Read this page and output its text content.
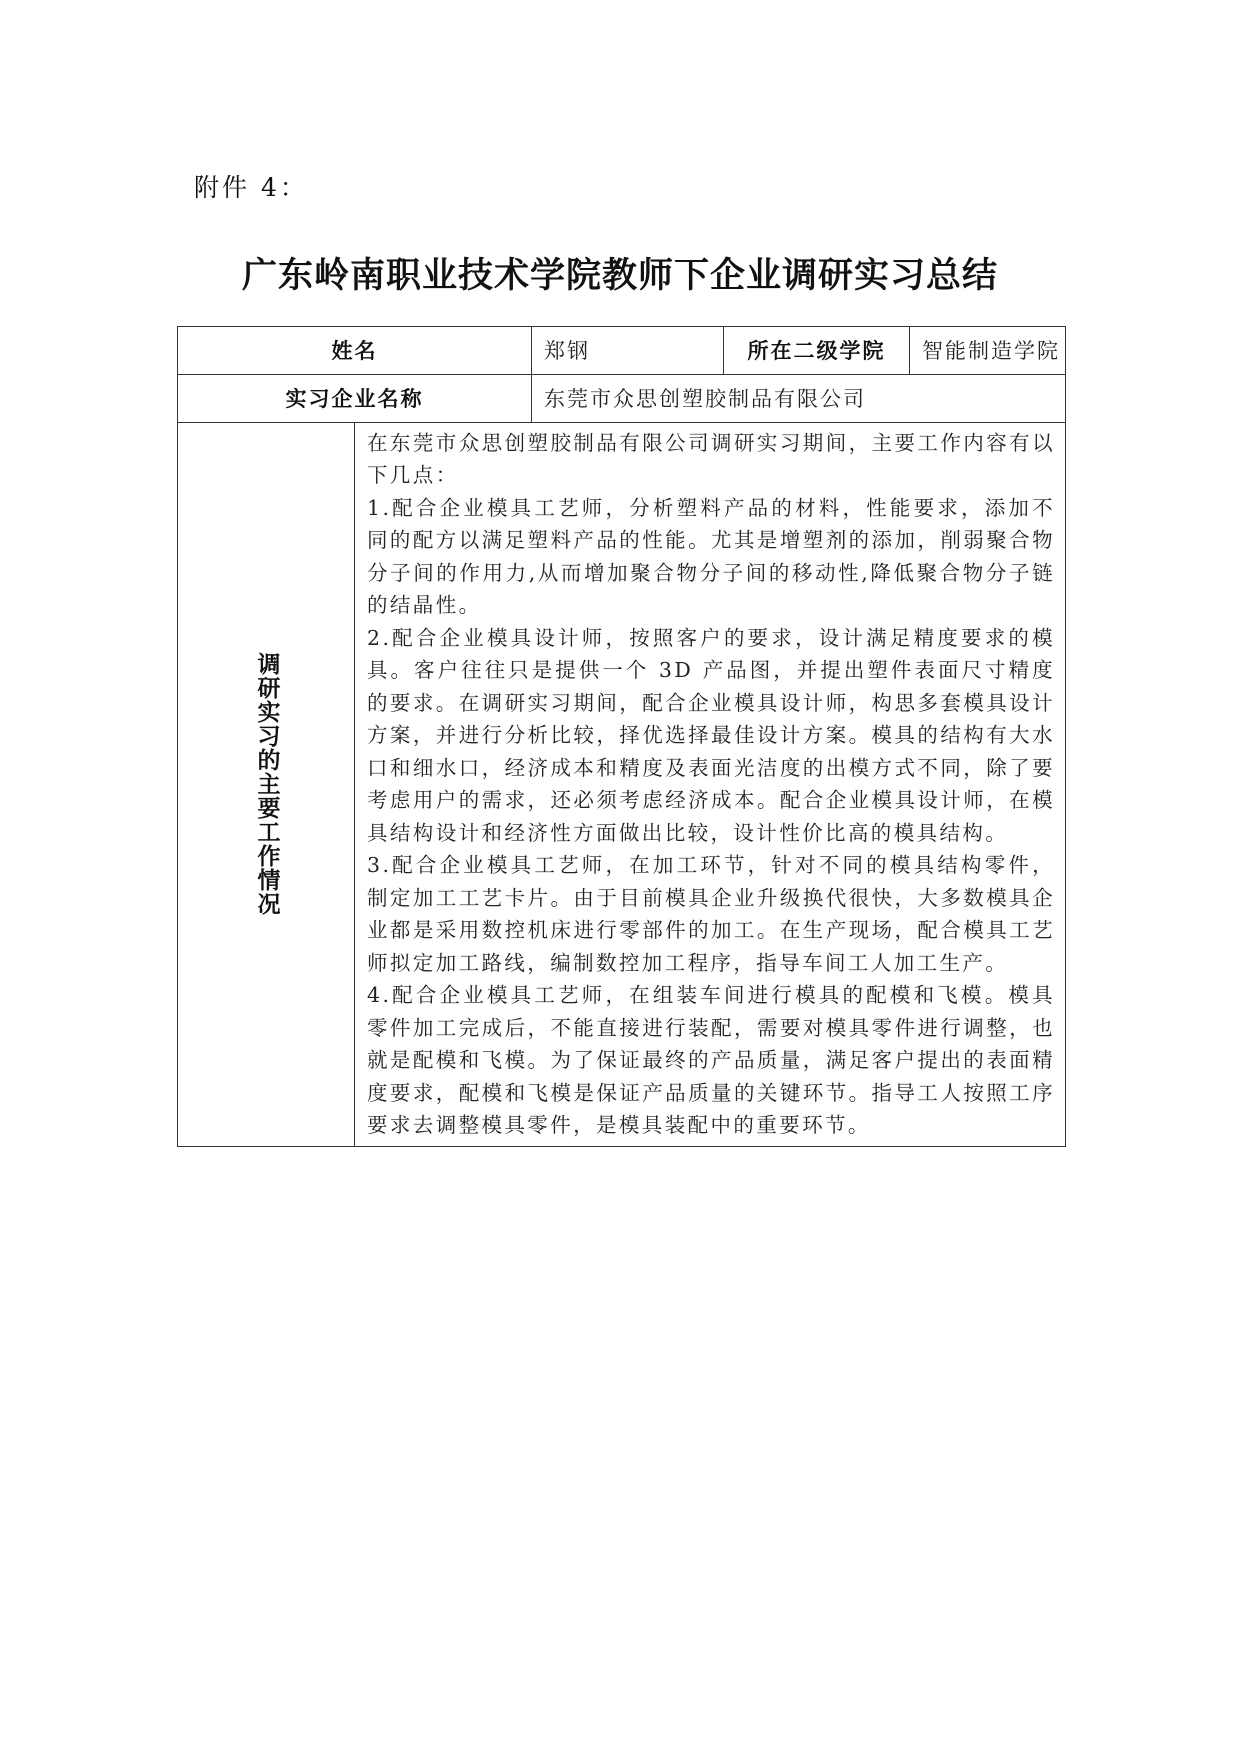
附件 4：
广东岭南职业技术学院教师下企业调研实习总结

姓名		郑钢	所在二级学院	智能制造学院
实习企业名称		东莞市众思创塑胶制品有限公司		

调研实习的主要工作情况	在东莞市众思创塑胶制品有限公司调研实习期间，主要工作内容有以下几点：

1.配合企业模具工艺师，分析塑料产品的材料，性能要求，添加不同的配方以满足塑料产品的性能。尤其是增塑剂的添加，削弱聚合物分子间的作用力,从而增加聚合物分子间的移动性,降低聚合物分子链的结晶性。

2.配合企业模具设计师，按照客户的要求，设计满足精度要求的模具。客户往往只是提供一个 3D 产品图，并提出塑件表面尺寸精度的要求。在调研实习期间，配合企业模具设计师，构思多套模具设计方案，并进行分析比较，择优选择最佳设计方案。模具的结构有大水口和细水口，经济成本和精度及表面光洁度的出模方式不同，除了要考虑用户的需求，还必须考虑经济成本。配合企业模具设计师，在模具结构设计和经济性方面做出比较，设计性价比高的模具结构。

3.配合企业模具工艺师，在加工环节，针对不同的模具结构零件，制定加工工艺卡片。由于目前模具企业升级换代很快，大多数模具企业都是采用数控机床进行零部件的加工。在生产现场，配合模具工艺师拟定加工路线，编制数控加工程序，指导车间工人加工生产。

4.配合企业模具工艺师，在组装车间进行模具的配模和飞模。模具零件加工完成后，不能直接进行装配，需要对模具零件进行调整，也就是配模和飞模。为了保证最终的产品质量，满足客户提出的表面精度要求，配模和飞模是保证产品质量的关键环节。指导工人按照工序要求去调整模具零件，是模具装配中的重要环节。			
